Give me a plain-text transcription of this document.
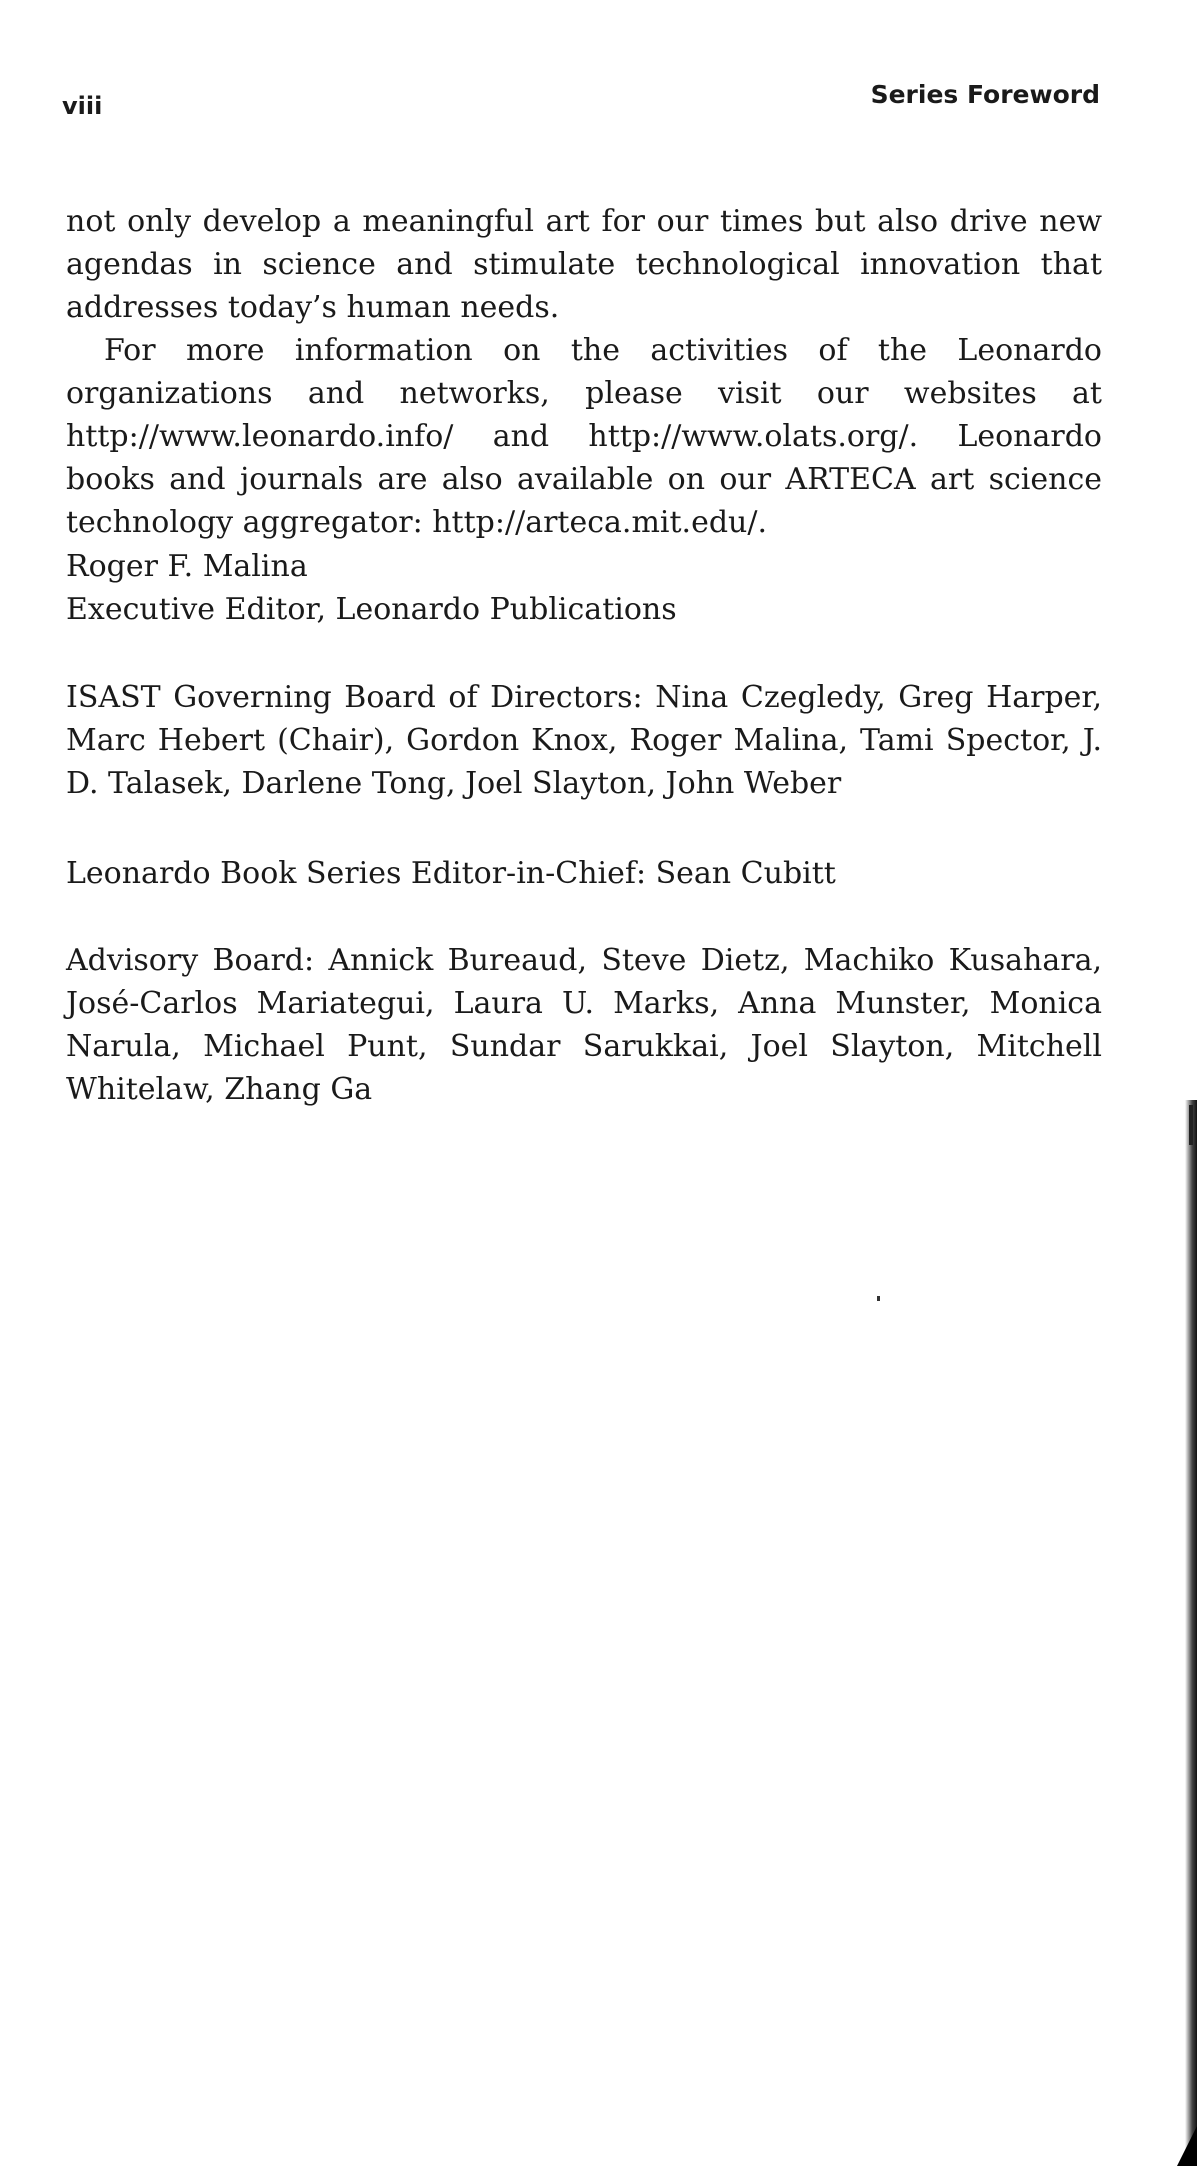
viii	Series Foreword

not only develop a meaningful art for our times but also drive new agendas in science and stimulate technological innovation that addresses today’s human needs.

For more information on the activities of the Leonardo organizations and networks, please visit our websites at http://www.leonardo.info/ and http://www.olats.org/. Leonardo books and journals are also available on our ARTECA art science technology aggregator: http://arteca.mit.edu/.

Roger F. Malina

Executive Editor, Leonardo Publications

ISAST Governing Board of Directors: Nina Czegledy, Greg Harper, Marc Hebert (Chair), Gordon Knox, Roger Malina, Tami Spector, J. D. Talasek, Darlene Tong, Joel Slayton, John Weber

Leonardo Book Series Editor-in-Chief: Sean Cubitt

Advisory Board: Annick Bureaud, Steve Dietz, Machiko Kusahara, José-Carlos Mariategui, Laura U. Marks, Anna Munster, Monica Narula, Michael Punt, Sundar Sarukkai, Joel Slayton, Mitchell Whitelaw, Zhang Ga
